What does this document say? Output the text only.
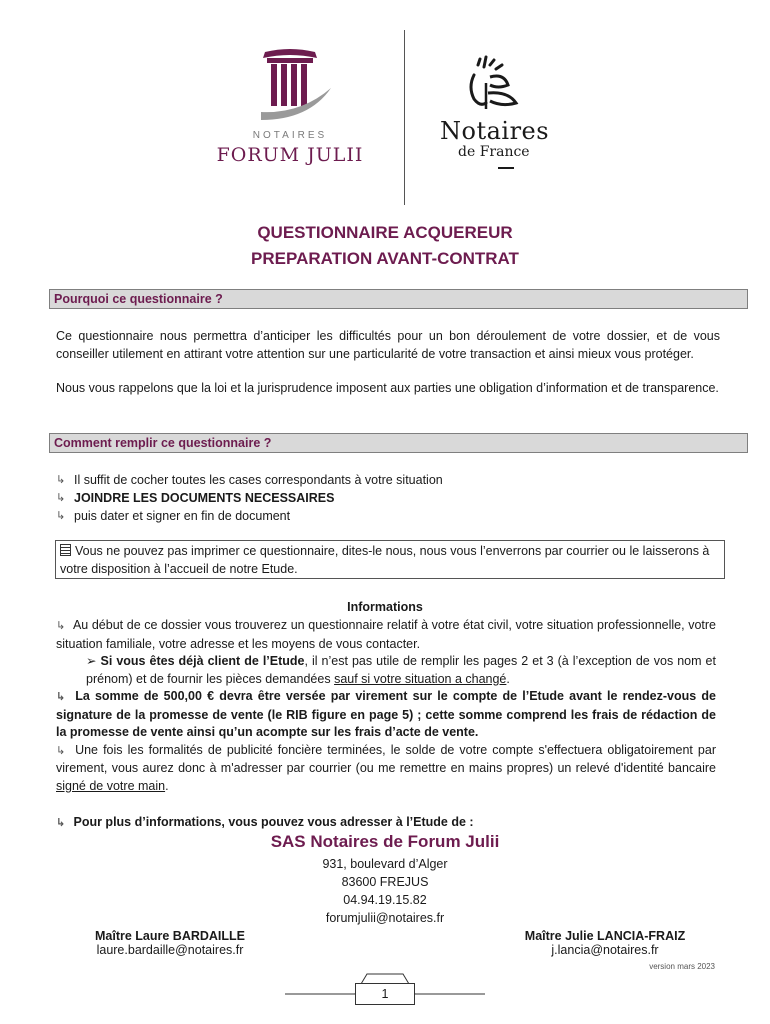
NOTAIRES
FORUM JULII
Notaires
de France
QUESTIONNAIRE ACQUEREUR
PREPARATION AVANT-CONTRAT
Pourquoi ce questionnaire ?
Ce questionnaire nous permettra d’anticiper les difficultés pour un bon déroulement de votre dossier, et de vous conseiller utilement en attirant votre attention sur une particularité de votre transaction et ainsi mieux vous protéger.
Nous vous rappelons que la loi et la jurisprudence imposent aux parties une obligation d’information et de transparence.
Comment remplir ce questionnaire ?
↳ Il suffit de cocher toutes les cases correspondants à votre situation
↳ JOINDRE LES DOCUMENTS NECESSAIRES
↳ puis dater et signer en fin de document
Vous ne pouvez pas imprimer ce questionnaire, dites-le nous, nous vous l’enverrons par courrier ou le laisserons à votre disposition à l’accueil de notre Etude.
Informations

↳ Au début de ce dossier vous trouverez un questionnaire relatif à votre état civil, votre situation professionnelle, votre situation familiale, votre adresse et les moyens de vous contacter.

➢ Si vous êtes déjà client de l’Etude, il n’est pas utile de remplir les pages 2 et 3 (à l’exception de vos nom et prénom) et de fournir les pièces demandées sauf si votre situation a changé.

↳ La somme de 500,00 € devra être versée par virement sur le compte de l’Etude avant le rendez-vous de signature de la promesse de vente (le RIB figure en page 5) ; cette somme comprend les frais de rédaction de la promesse de vente ainsi qu’un acompte sur les frais d’acte de vente.

↳ Une fois les formalités de publicité foncière terminées, le solde de votre compte s'effectuera obligatoirement par virement, vous aurez donc à m'adresser par courrier (ou me remettre en mains propres) un relevé d'identité bancaire signé de votre main.

↳ Pour plus d’informations, vous pouvez vous adresser à l’Etude de :
SAS Notaires de Forum Julii
931, boulevard d’Alger
83600 FREJUS
04.94.19.15.82
forumjulii@notaires.fr
Maître Laure BARDAILLE
laure.bardaille@notaires.fr
Maître Julie LANCIA-FRAIZ
j.lancia@notaires.fr
version mars 2023
1
